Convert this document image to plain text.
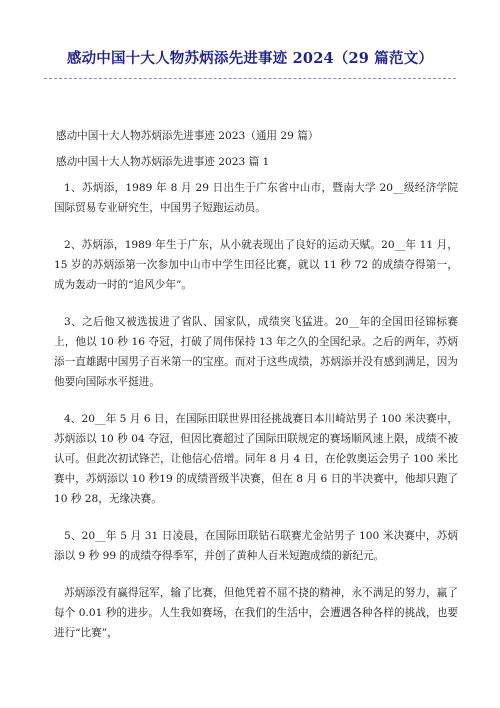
感动中国十大人物苏炳添先进事迹 2024（29 篇范文）

感动中国十大人物苏炳添先进事迹 2023（通用 29 篇）

感动中国十大人物苏炳添先进事迹 2023 篇 1

1、苏炳添，1989 年 8 月 29 日出生于广东省中山市，暨南大学 20__级经济学院国际贸易专业研究生，中国男子短跑运动员。

2、苏炳添，1989 年生于广东，从小就表现出了良好的运动天赋。20__年 11 月，15 岁的苏炳添第一次参加中山市中学生田径比赛，就以 11 秒 72 的成绩夺得第一，成为轰动一时的“追风少年”。

3、之后他又被选拔进了省队、国家队，成绩突飞猛进。20__年的全国田径锦标赛上，他以 10 秒 16 夺冠，打破了周伟保持 13 年之久的全国纪录。之后的两年，苏炳添一直雄踞中国男子百米第一的宝座。而对于这些成绩，苏炳添并没有感到满足，因为他要向国际水平挺进。

4、20__年 5 月 6 日，在国际田联世界田径挑战赛日本川崎站男子 100 米决赛中，苏炳添以 10 秒 04 夺冠，但因比赛超过了国际田联规定的赛场顺风速上限，成绩不被认可。但此次初试锋芒，让他信心倍增。同年 8 月 4 日，在伦敦奥运会男子 100 米比赛中，苏炳添以 10 秒19 的成绩晋级半决赛，但在 8 月 6 日的半决赛中，他却只跑了 10 秒 28，无缘决赛。

5、20__年 5 月 31 日凌晨，在国际田联钻石联赛尤金站男子 100 米决赛中，苏炳添以 9 秒 99 的成绩夺得季军，并创了黄种人百米短跑成绩的新纪元。

苏炳添没有赢得冠军，输了比赛，但他凭着不屈不挠的精神，永不满足的努力，赢了每个 0.01 秒的进步。人生我如赛场，在我们的生活中，会遭遇各种各样的挑战，也要进行“比赛”，
